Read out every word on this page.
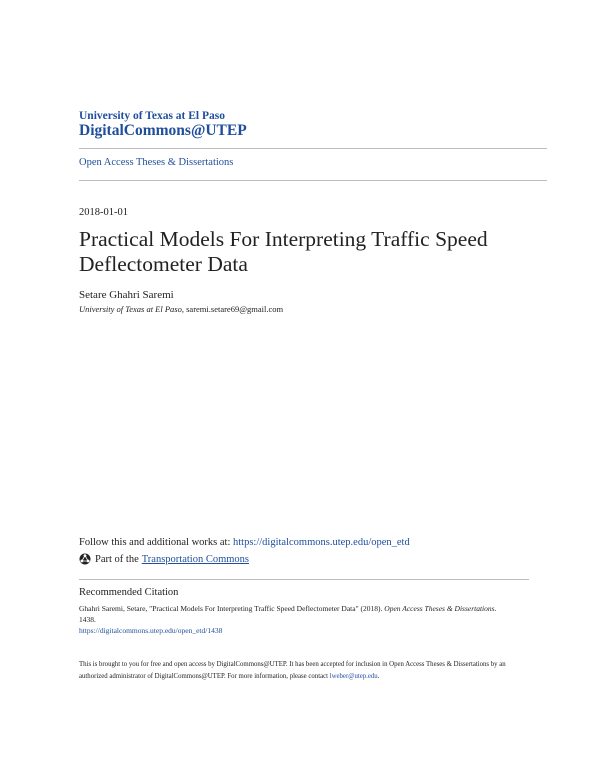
University of Texas at El Paso
DigitalCommons@UTEP
Open Access Theses & Dissertations
2018-01-01
Practical Models For Interpreting Traffic Speed Deflectometer Data
Setare Ghahri Saremi
University of Texas at El Paso, saremi.setare69@gmail.com
Follow this and additional works at: https://digitalcommons.utep.edu/open_etd
Part of the Transportation Commons
Recommended Citation
Ghahri Saremi, Setare, "Practical Models For Interpreting Traffic Speed Deflectometer Data" (2018). Open Access Theses & Dissertations. 1438.
https://digitalcommons.utep.edu/open_etd/1438
This is brought to you for free and open access by DigitalCommons@UTEP. It has been accepted for inclusion in Open Access Theses & Dissertations by an authorized administrator of DigitalCommons@UTEP. For more information, please contact lweber@utep.edu.
